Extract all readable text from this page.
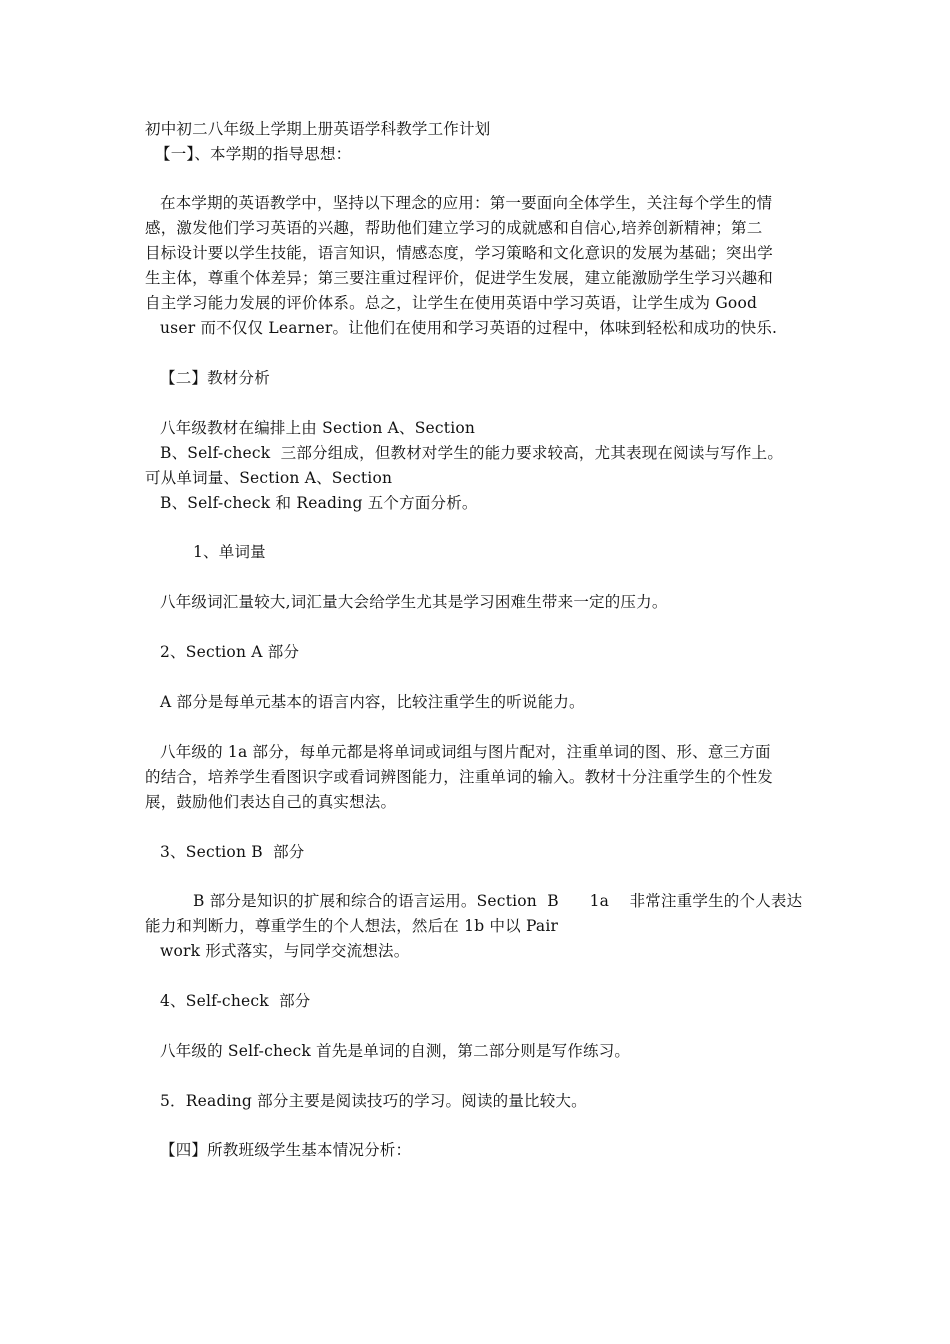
初中初二八年级上学期上册英语学科教学工作计划
【一】、本学期的指导思想：
在本学期的英语教学中，坚持以下理念的应用：第一要面向全体学生，关注每个学生的情
感，激发他们学习英语的兴趣，帮助他们建立学习的成就感和自信心,培养创新精神；第二
目标设计要以学生技能，语言知识，情感态度，学习策略和文化意识的发展为基础；突出学
生主体，尊重个体差异；第三要注重过程评价，促进学生发展，建立能激励学生学习兴趣和
自主学习能力发展的评价体系。总之，让学生在使用英语中学习英语，让学生成为 Good
user 而不仅仅 Learner。让他们在使用和学习英语的过程中，体味到轻松和成功的快乐.
【二】教材分析
八年级教材在编排上由 Section A、Section
B、Self-check  三部分组成，但教材对学生的能力要求较高，尤其表现在阅读与写作上。
可从单词量、Section A、Section
B、Self-check 和 Reading 五个方面分析。
1、单词量
八年级词汇量较大,词汇量大会给学生尤其是学习困难生带来一定的压力。
2、Section A 部分
A 部分是每单元基本的语言内容，比较注重学生的听说能力。
八年级的 1a 部分，每单元都是将单词或词组与图片配对，注重单词的图、形、意三方面
的结合，培养学生看图识字或看词辨图能力，注重单词的输入。教材十分注重学生的个性发
展，鼓励他们表达自己的真实想法。
3、Section B  部分
B 部分是知识的扩展和综合的语言运用。Section  B      1a    非常注重学生的个人表达
能力和判断力，尊重学生的个人想法，然后在 1b 中以 Pair
work 形式落实，与同学交流想法。
4、Self-check  部分
八年级的 Self-check 首先是单词的自测，第二部分则是写作练习。
5．Reading 部分主要是阅读技巧的学习。阅读的量比较大。
【四】所教班级学生基本情况分析：
